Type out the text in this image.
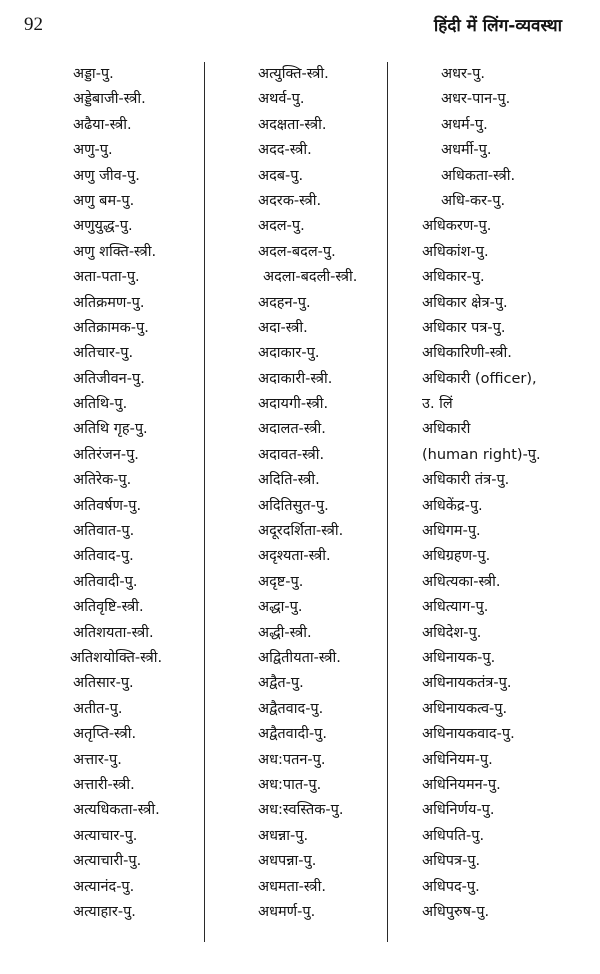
92	हिंदी में लिंग-व्यवस्था
अड्डा-पु.
अड्डेबाजी-स्त्री.
अढैया-स्त्री.
अणु-पु.
अणु जीव-पु.
अणु बम-पु.
अणुयुद्ध-पु.
अणु शक्ति-स्त्री.
अता-पता-पु.
अतिक्रमण-पु.
अतिक्रामक-पु.
अतिचार-पु.
अतिजीवन-पु.
अतिथि-पु.
अतिथि गृह-पु.
अतिरंजन-पु.
अतिरेक-पु.
अतिवर्षण-पु.
अतिवात-पु.
अतिवाद-पु.
अतिवादी-पु.
अतिवृष्टि-स्त्री.
अतिशयता-स्त्री.
अतिशयोक्ति-स्त्री.
अतिसार-पु.
अतीत-पु.
अतृप्ति-स्त्री.
अत्तार-पु.
अत्तारी-स्त्री.
अत्यधिकता-स्त्री.
अत्याचार-पु.
अत्याचारी-पु.
अत्यानंद-पु.
अत्याहार-पु.
अत्युक्ति-स्त्री.
अथर्व-पु.
अदक्षता-स्त्री.
अदद-स्त्री.
अदब-पु.
अदरक-स्त्री.
अदल-पु.
अदल-बदल-पु.
अदला-बदली-स्त्री.
अदहन-पु.
अदा-स्त्री.
अदाकार-पु.
अदाकारी-स्त्री.
अदायगी-स्त्री.
अदालत-स्त्री.
अदावत-स्त्री.
अदिति-स्त्री.
अदितिसुत-पु.
अदूरदर्शिता-स्त्री.
अदृश्यता-स्त्री.
अदृष्ट-पु.
अद्धा-पु.
अद्धी-स्त्री.
अद्वितीयता-स्त्री.
अद्वैत-पु.
अद्वैतवाद-पु.
अद्वैतवादी-पु.
अध:पतन-पु.
अध:पात-पु.
अध:स्वस्तिक-पु.
अधन्ना-पु.
अधपन्ना-पु.
अधमता-स्त्री.
अधमर्ण-पु.
अधर-पु.
अधर-पान-पु.
अधर्म-पु.
अधर्मी-पु.
अधिकता-स्त्री.
अधि-कर-पु.
अधिकरण-पु.
अधिकांश-पु.
अधिकार-पु.
अधिकार क्षेत्र-पु.
अधिकार पत्र-पु.
अधिकारिणी-स्त्री.
अधिकारी (officer),
उ. लिं
अधिकारी
(human right)-पु.
अधिकारी तंत्र-पु.
अधिकेंद्र-पु.
अधिगम-पु.
अधिग्रहण-पु.
अधित्यका-स्त्री.
अधित्याग-पु.
अधिदेश-पु.
अधिनायक-पु.
अधिनायकतंत्र-पु.
अधिनायकत्व-पु.
अधिनायकवाद-पु.
अधिनियम-पु.
अधिनियमन-पु.
अधिनिर्णय-पु.
अधिपति-पु.
अधिपत्र-पु.
अधिपद-पु.
अधिपुरुष-पु.
